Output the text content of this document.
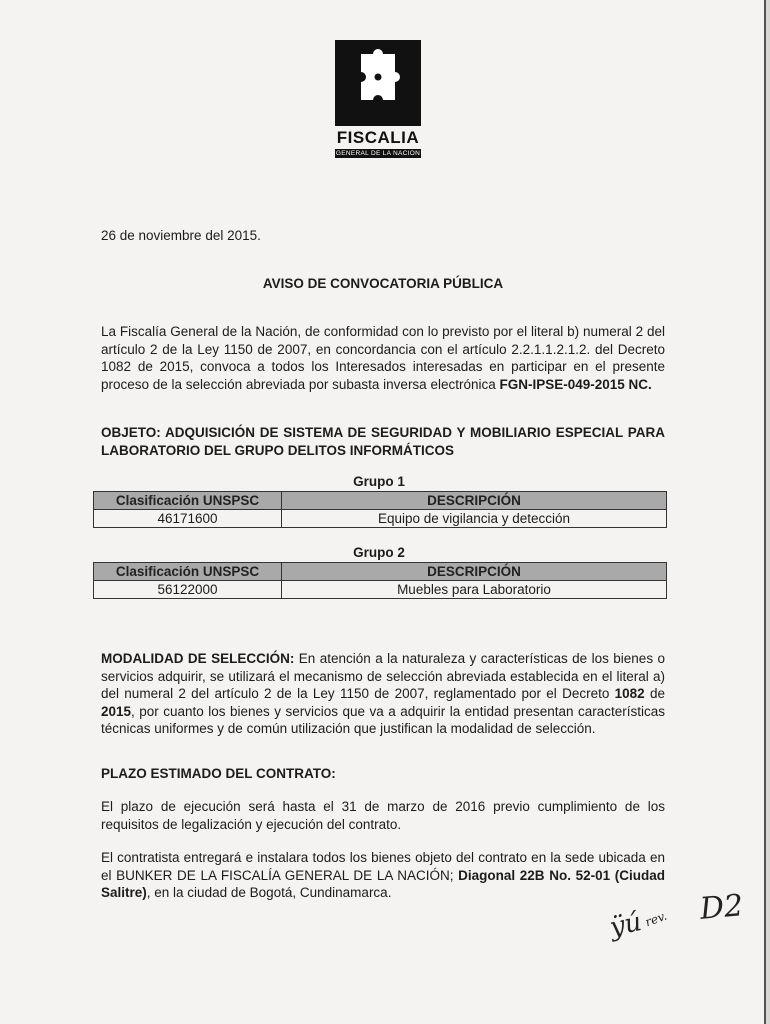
FISCALIA
GENERAL DE LA NACION
26 de noviembre del 2015.
AVISO DE CONVOCATORIA PÚBLICA
La Fiscalía General de la Nación, de conformidad con lo previsto por el literal b) numeral 2 del artículo 2 de la Ley 1150 de 2007, en concordancia con el artículo 2.2.1.1.2.1.2. del Decreto 1082 de 2015, convoca a todos los Interesados interesadas en participar en el presente proceso de la selección abreviada por subasta inversa electrónica FGN-IPSE-049-2015 NC.
OBJETO: ADQUISICIÓN DE SISTEMA DE SEGURIDAD Y MOBILIARIO ESPECIAL PARA LABORATORIO DEL GRUPO DELITOS INFORMÁTICOS
Grupo 1
Clasificación UNSPSC	DESCRIPCIÓN
46171600	Equipo de vigilancia y detección
Grupo 2
Clasificación UNSPSC	DESCRIPCIÓN
56122000	Muebles para Laboratorio
MODALIDAD DE SELECCIÓN: En atención a la naturaleza y características de los bienes o servicios adquirir, se utilizará el mecanismo de selección abreviada establecida en el literal a) del numeral 2 del artículo 2 de la Ley 1150 de 2007, reglamentado por el Decreto 1082 de 2015, por cuanto los bienes y servicios que va a adquirir la entidad presentan características técnicas uniformes y de común utilización que justifican la modalidad de selección.
PLAZO ESTIMADO DEL CONTRATO:
El plazo de ejecución será hasta el 31 de marzo de 2016 previo cumplimiento de los requisitos de legalización y ejecución del contrato.
El contratista entregará e instalara todos los bienes objeto del contrato en la sede ubicada en el BUNKER DE LA FISCALÍA GENERAL DE LA NACIÓN; Diagonal 22B No. 52-01 (Ciudad Salitre), en la ciudad de Bogotá, Cundinamarca.
ÿú rev. D2
